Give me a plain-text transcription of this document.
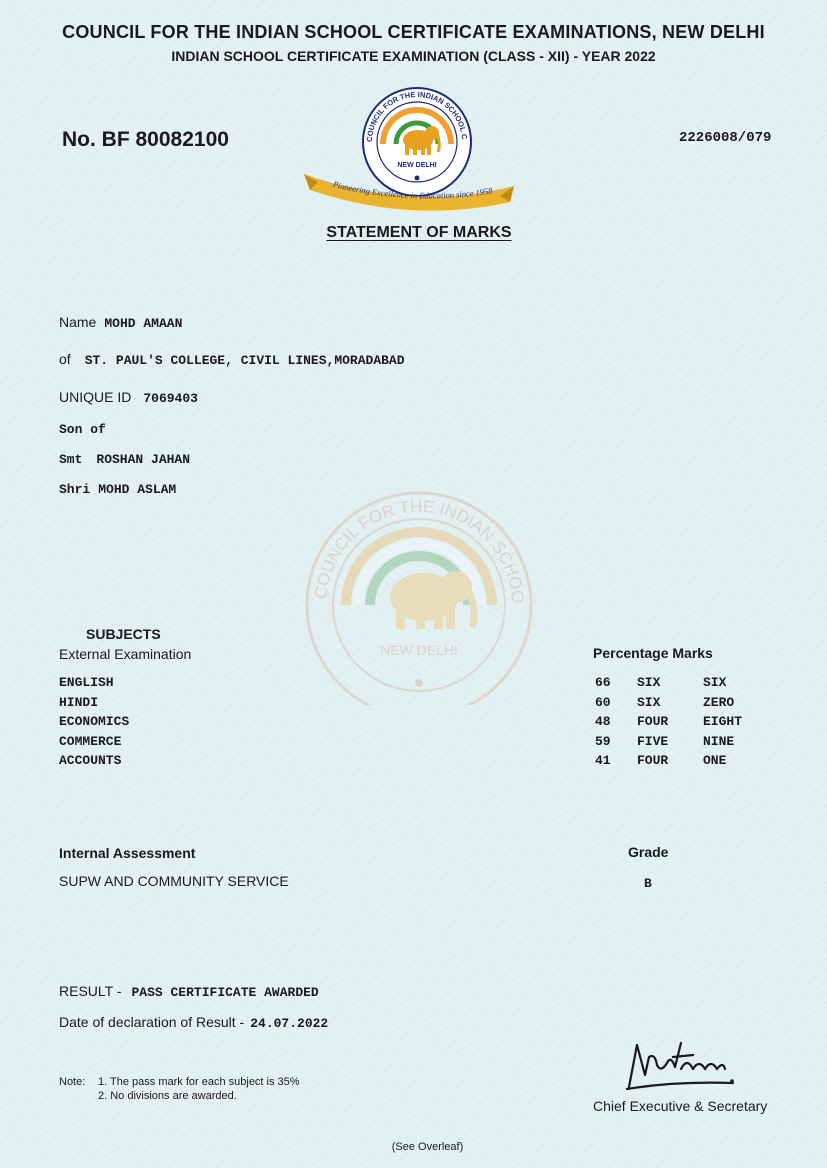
COUNCIL FOR THE INDIAN SCHOO
NEW DELHI
COUNCIL FOR THE INDIAN SCHOOL CERTIFICATE EXAMINATIONS, NEW DELHI
INDIAN SCHOOL CERTIFICATE EXAMINATION (CLASS - XII) - YEAR 2022
No. BF 80082100	2226008/079
COUNCIL FOR THE INDIAN SCHOOL C
NEW DELHI
Pioneering Excellence in Education since 1958
STATEMENT OF MARKS
Name MOHD AMAAN
of ST. PAUL'S COLLEGE, CIVIL LINES,MORADABAD
UNIQUE ID 7069403
Son of
Smt ROSHAN JAHAN
Shri MOHD ASLAM
SUBJECTS
External Examination	Percentage Marks
ENGLISH	66 SIX	SIX
HINDI	60 SIX	ZERO
ECONOMICS	48 FOUR	EIGHT
COMMERCE	59 FIVE	NINE
ACCOUNTS	41 FOUR	ONE
Internal Assessment	Grade
SUPW AND COMMUNITY SERVICE	B
RESULT - PASS CERTIFICATE AWARDED
Date of declaration of Result - 24.07.2022
Note: 1. The pass mark for each subject is 35%
2. No divisions are awarded.
Chief Executive & Secretary
(See Overleaf)
